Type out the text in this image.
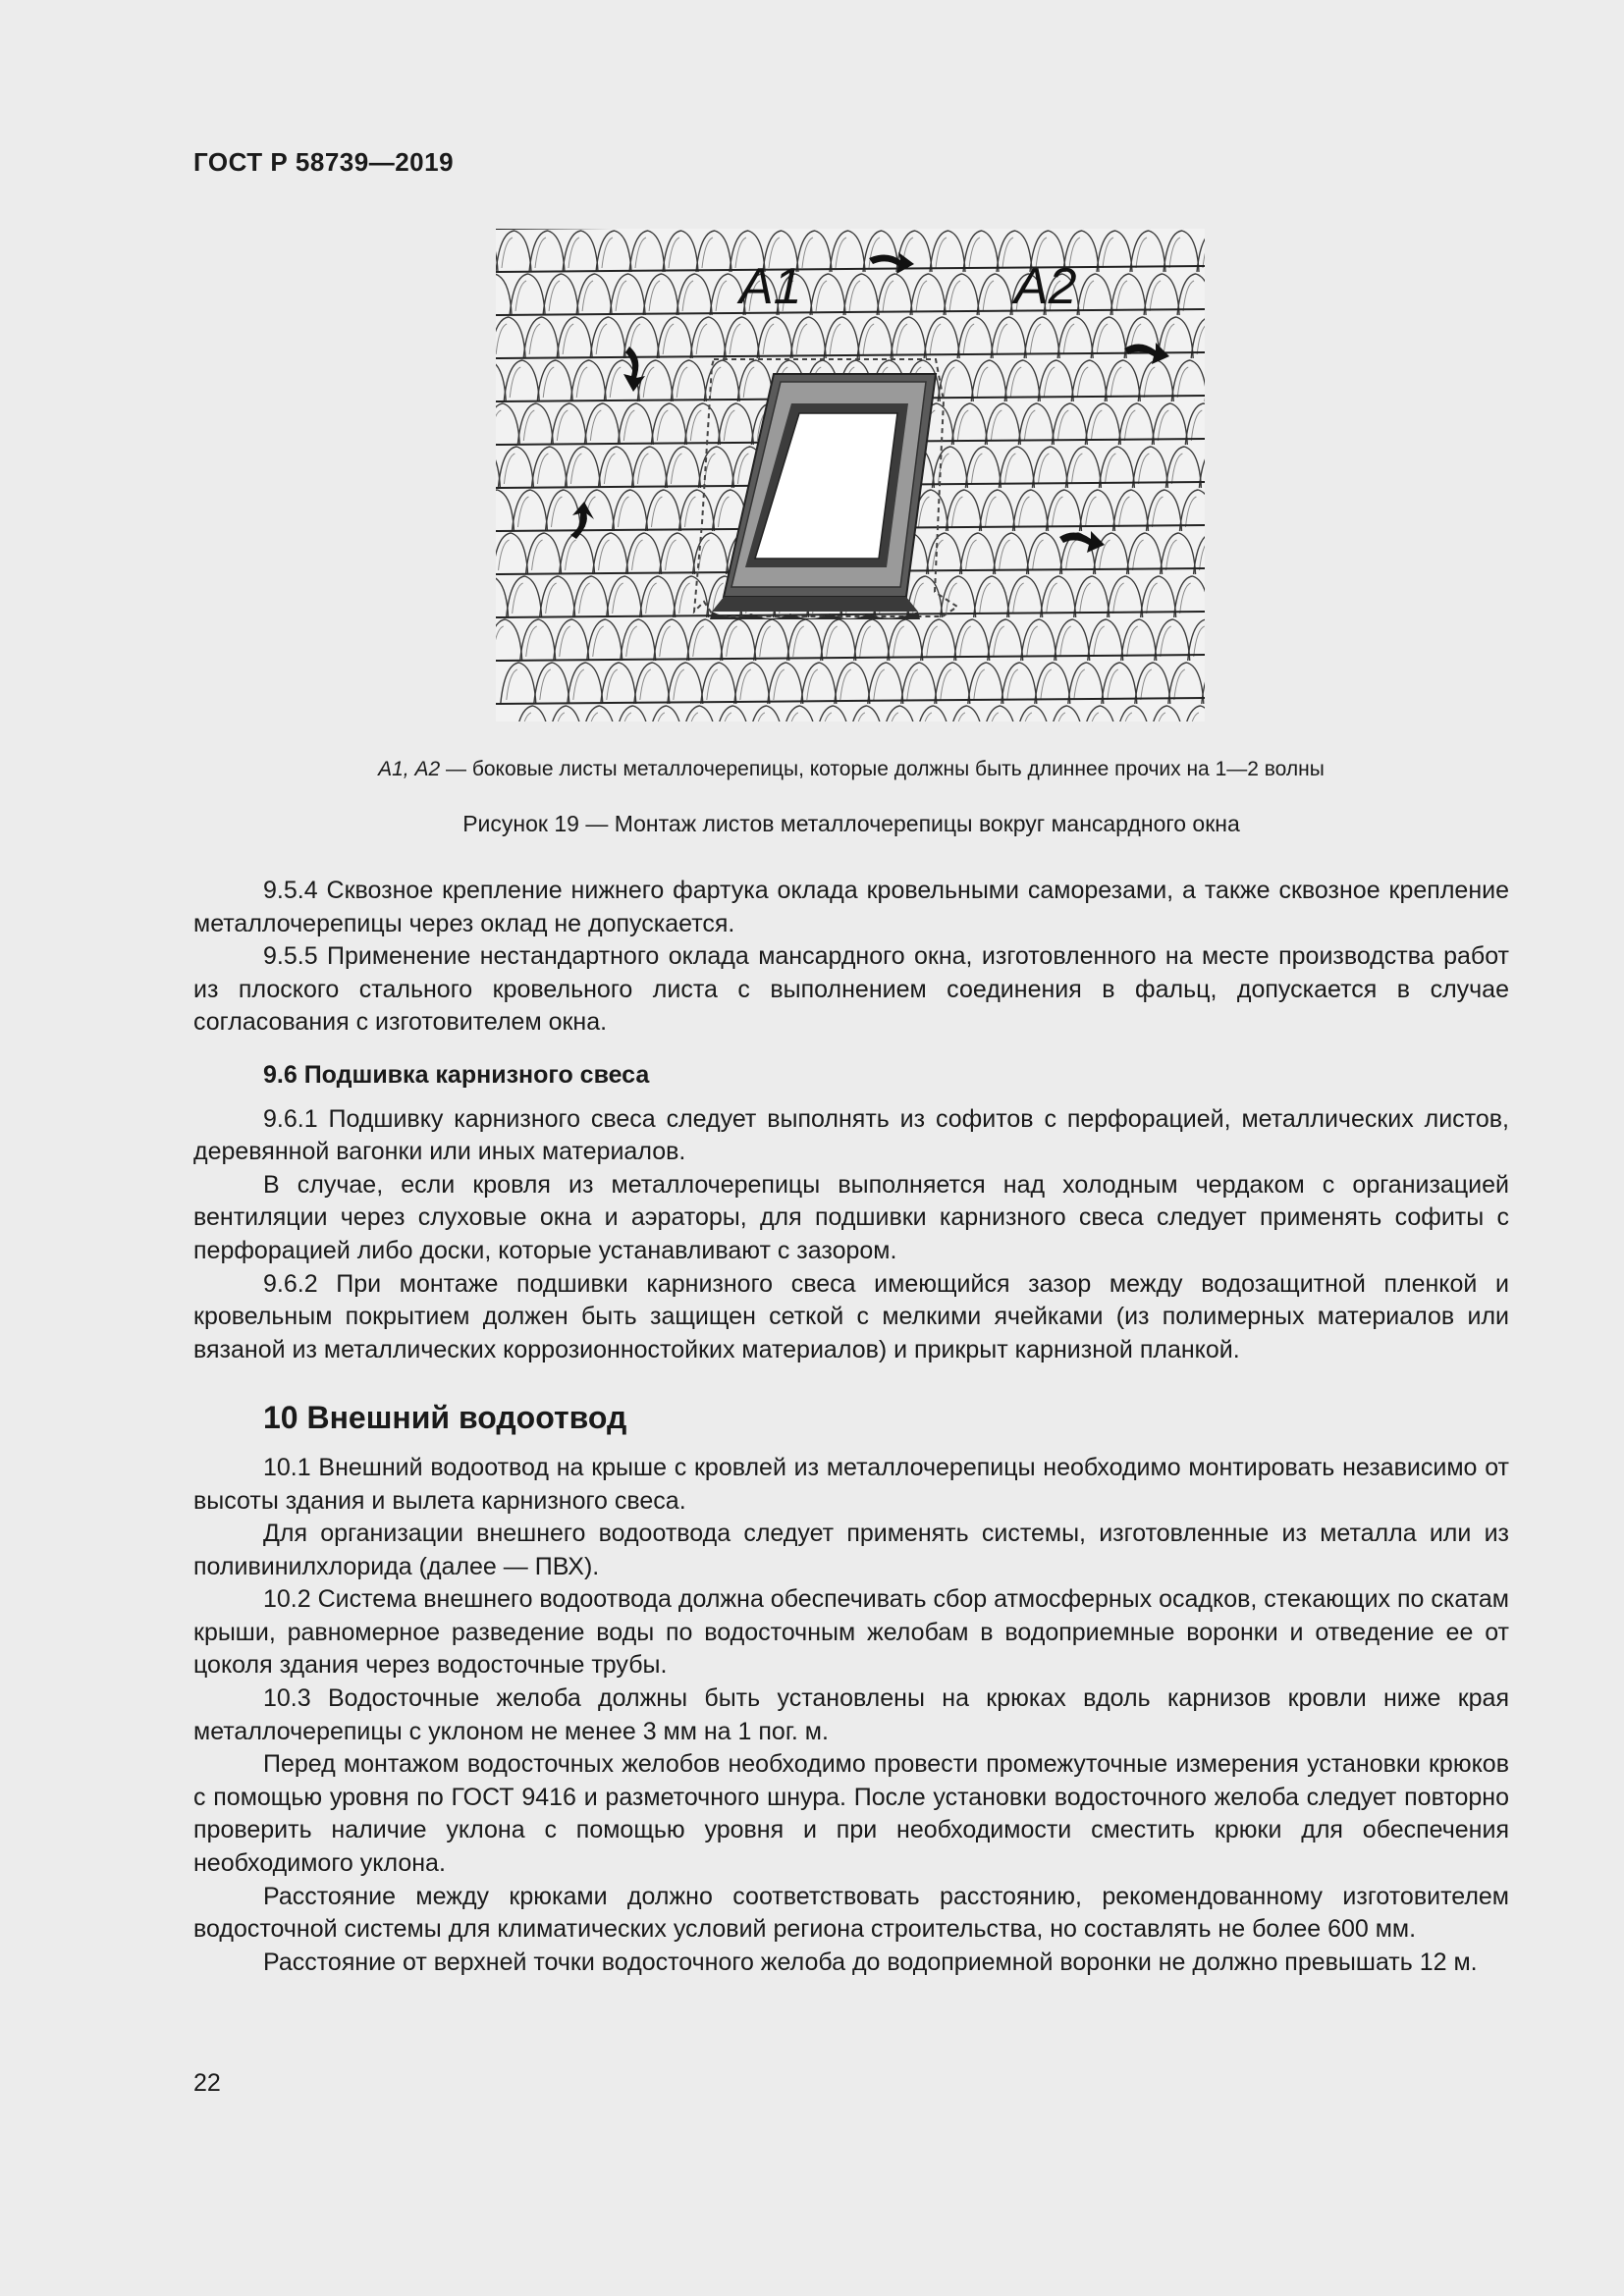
ГОСТ Р 58739—2019
А1	А2
А1, А2 — боковые листы металлочерепицы, которые должны быть длиннее прочих на 1—2 волны
Рисунок 19 — Монтаж листов металлочерепицы вокруг мансардного окна

9.5.4 Сквозное крепление нижнего фартука оклада кровельными саморезами, а также сквозное крепление металлочерепицы через оклад не допускается.

9.5.5 Применение нестандартного оклада мансардного окна, изготовленного на месте производства работ из плоского стального кровельного листа с выполнением соединения в фальц, допускается в случае согласования с изготовителем окна.

9.6 Подшивка карнизного свеса

9.6.1 Подшивку карнизного свеса следует выполнять из софитов с перфорацией, металлических листов, деревянной вагонки или иных материалов.

В случае, если кровля из металлочерепицы выполняется над холодным чердаком с организацией вентиляции через слуховые окна и аэраторы, для подшивки карнизного свеса следует применять софиты с перфорацией либо доски, которые устанавливают с зазором.

9.6.2 При монтаже подшивки карнизного свеса имеющийся зазор между водозащитной пленкой и кровельным покрытием должен быть защищен сеткой с мелкими ячейками (из полимерных материалов или вязаной из металлических коррозионностойких материалов) и прикрыт карнизной планкой.

10 Внешний водоотвод

10.1 Внешний водоотвод на крыше с кровлей из металлочерепицы необходимо монтировать независимо от высоты здания и вылета карнизного свеса.

Для организации внешнего водоотвода следует применять системы, изготовленные из металла или из поливинилхлорида (далее — ПВХ).

10.2 Система внешнего водоотвода должна обеспечивать сбор атмосферных осадков, стекающих по скатам крыши, равномерное разведение воды по водосточным желобам в водоприемные воронки и отведение ее от цоколя здания через водосточные трубы.

10.3 Водосточные желоба должны быть установлены на крюках вдоль карнизов кровли ниже края металлочерепицы с уклоном не менее 3 мм на 1 пог. м.

Перед монтажом водосточных желобов необходимо провести промежуточные измерения установки крюков с помощью уровня по ГОСТ 9416 и разметочного шнура. После установки водосточного желоба следует повторно проверить наличие уклона с помощью уровня и при необходимости сместить крюки для обеспечения необходимого уклона.

Расстояние между крюками должно соответствовать расстоянию, рекомендованному изготовителем водосточной системы для климатических условий региона строительства, но составлять не более 600 мм.

Расстояние от верхней точки водосточного желоба до водоприемной воронки не должно превышать 12 м.

22
